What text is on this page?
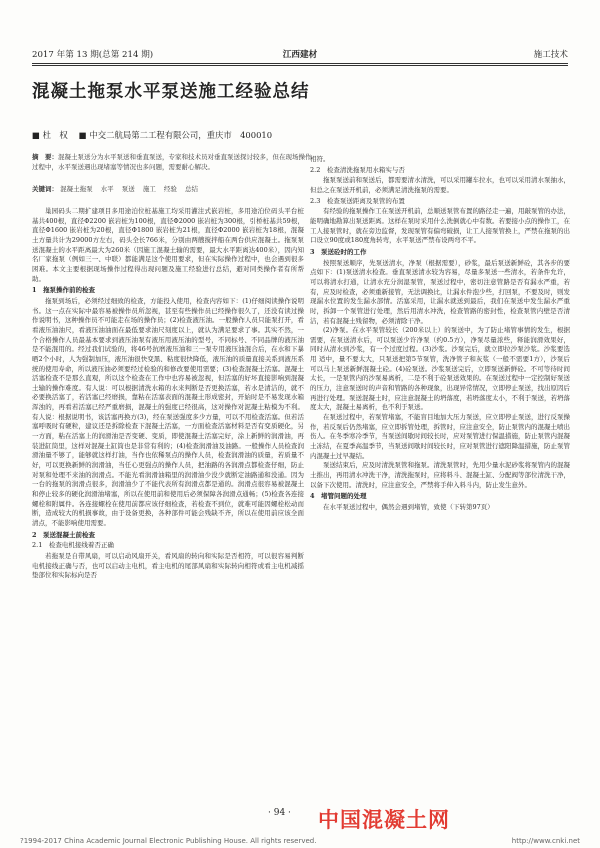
2017 年第 13 期(总第 214 期)	江西建材	施工技术
混凝土拖泵水平泵送施工经验总结
■ 杜　权 　■ 中交二航局第二工程有限公司，重庆市　400010
摘　要：混凝土泵送分为水平泵送和垂直泵送，专家和技术员对垂直泵送探讨较多，但在现场操作过程中，水平泵送遇出现堵塞等情况也多问题，需要耐心解决。
关键词： 混凝土拖泵 水平 泵送 施工 经验 总结

巢园码头二期扩建项目多用途泊位桩基施工均采用灌注式嵌岩桩，多用途泊位码头平台桩基共400根，直径Φ2200 嵌岩桩为100根，直径Φ2000 嵌岩桩为300根，引桥桩基共59根，直径Φ1600 嵌岩桩为20根，直径Φ1800 嵌岩桩为21根，直径Φ2000 嵌岩桩为18根，混凝土方量共计为29000方左右，码头全长766米，分别由两艘搅拌船在两台供应混凝土。拖泵泵送混凝土的水平距离最大为260米（因施工混凝土输的需要，最大水平距离达400米），因内知名厂家拖泵（例如三一、中联）都能满足这个使用要求，但在实际操作过程中，也会遇到很多困难。本文主要根据现场操作过程得出现问题及施工经验进行总结，避对同类操作者有所帮助。

1　拖泵操作前的检查

拖泵到场后，必须经过细致的检查，方能投入使用，检查内容如下：(1)仔细阅读操作说明书。这一点在实际中最容易被操作员所忽视，甚至有些操作员已经操作很久了，还没有读过操作说明书，这种操作员不可能走在场的操作员；(2)检查液压油。一般操作人员只能泵打开，看看液压油油尺，看液压油油面在最低要求油尺刻度以上，就认为满足要求了事。其实不然，一个合格操作人员最基本要求到液压油泵有液压用液压油的型号，不同标号、不同品牌的液压油是不能混用的。经过我们试验的，将46号抗磨液压油和三一泵专用液压油混合后，在水和下暴晒2个小时，人为强制加压，液压油很快变黑、粘度很快降低，液压油的质量直接关系到液压系统的使用寿命，所以液压油必须要经过检验的和修改要使用需要；(3)检查混凝土活塞。混凝土活塞检查不是那么直观，所以这个检查在工作中也容易被忽视，但活塞的好坏直接影响到混凝土输的操作难度。有人说：可以根据清洗水箱的水来判断是否更换活塞，若水是清洁的，就不必要换活塞了，若活塞已经磨损，靠粘在活塞表面的混凝土形成密封，开始时是不易发现水箱浑浊的，再看若活塞已经严重磨损，混凝土的强度已经很高，这对操作对泥凝土粘模为不利。有人说：根据说明书，该活塞再换方(3)，经在泵送强度多少方量，可以不用检查活塞。但若活塞呼吸时有硬粒，建议还是拆除检查下混凝土活塞，一方面检查活塞材料是否有变质硬化，另一方面，粘在活塞上的润滑油是否变硬、变质，即使混凝土活塞完好，涂上新鲜的润滑油，再装进缸筒里，这样对混凝土缸筒也是非常有利的；(4)检查润滑油及油路。一般操作人员检查润滑油量不够了，能够就这样打油，当作也依稀泵点的操作人员，检查润滑油的质量，若质量不好，可以更换新鲜的润滑油，当任心更强点的操作人员，把油路的各润滑点都检查仔细，防止对泵和处理不来油的润滑点。不能光看润滑油箱里的润滑油少没少就断定油路通和没通。因为一台的拖泵的润滑点很多，润滑油少了不能代表所有润滑点都是通的。润滑点很容易被混凝土和停止较多的硬化润滑油堵塞，所以在使用前和使用后必须保障各润滑点通畅；(5)检查各连接螺栓和附属件。各连接螺栓在使用前都应该仔细检查，若检查不到位，就难可能因螺栓松动而断，造成较大的机损事故，由于设备更换，各种部件可能会残缺不齐，所以在使用前应该全面清点，不能影响使用需要。

2　泵送混凝土前检查
2.1　检查电机接线着否正确

若拖泵是自带风扇，可以启动风扇开关，看风扇的转向和实际是否相符，可以很容易判断电机接线正确与否，也可以启动主电机，看主电机的尾部风扇和实际转向相符或看主电机减摇垫部位和实际标向是否

相符。

2.2　检查清洗拖泵用水箱实与否

拖泵泵送前和泵送后，都需要清水清洗，可以采用罐车拉水，也可以采用清水泵抽水，但总之在泵送开机前，必须满足清洗拖泵的需要。

2.3　检查泵送距离及泵管的布置

有经验的拖泵操作工在泵送开机前，总顺送泵管布置的路径走一遍，用敲泵管的办法，能明确地勘算出泵送距离。这样在泵时采用什么洗倒就心中有数。若要接小点的操作工，在工人接泵管时，就在旁边监督，发现泵管有偏弯破损，让工人接泵管换上，严禁在拖泵的出口设立90度或180度角转弯，水平泵送严禁布设两弯不平。

3　泵送砼时的工作

按照泵送顺序，先泵送清水，净泵（根据需要），砂浆，最后泵送新鲜砼，其各步的要点如下：(1)泵送清水检查。垂直泵送清水较为容易，尽量多泵送一些清水，若条件允许，可以将清水打通，让清水充分润湿泵管，泵送过程中，密切注意管路是否有漏水严重，若有，应及时检查，必须重新接管，无法调换比，让漏水件泡少些，打回泵，不要及时，则发现漏水位置的发生漏水部情。活塞采用，让漏水就送到最后，我们在泵送中发生漏水严重时，拆卸一个泵管进行处理，然后用清水冲洗，检查管路的密封性，检查泵管内壁是否清洁，若有混凝土残留物，必须清除干净。

(2)净泵。在水平泵管较长（200米以上）的泵送中，为了防止堵管事情的发生，根据需要，在泵送清水后，可以泵送少许净泵（约0.5方），净泵尽量浓些，释能润滑效果好，同时从清水到沙浆，有一个过度过程。(3)沙浆。沙泵完后，就立即拉沙泵沙浆。沙浆要选用 适中，量不要太大，只泵送把第5节泵管，洗净管子和灰浆（一般不需要1方），沙泵后可以马上泵送新鲜混凝土砼。(4)砼泵送。沙浆泵送完后，立即泵送新鲜砼。不可等待时间太长，一是泵管内的沙泵易离析，二是不利于砼泵送效果的。在泵送过程中一定控制好泵送的压力，注意泵送时的声音和管路的各种现象，出现异常情况，立即停止泵送，找出原因后再进行处理。泵送混凝土时，应注意混凝土的坍落度，若坍落度太小，不利于泵送，若坍落度太大，混凝土易离析，也不利于泵送。

在泵送过程中，若泵管堵塞，不能盲目地加大压力泵送，应立即停止泵送，进行反泵操作，若反泵后仍然堵塞，应立即拆管处理，拆管时，应注意安全，防止泵管内的混凝土喷出伤人。在冬季寒冷季节，当泵送间歇时间较长时，应对泵管进行保温措施，防止泵管内混凝土冻结，在夏季高温季节，当泵送间歇时间较长时，应对泵管进行遮阳降温措施，防止泵管内混凝土过早凝结。

泵送结束后，应及时清洗泵管和拖泵。清洗泵管时，先用少量水泥砂浆将泵管内的混凝土推出，再用清水冲洗干净，清洗拖泵时，应将料斗、混凝土缸、分配阀等部位清洗干净，以备下次使用。清洗时，应注意安全，严禁将手伸入料斗内，防止发生意外。

4　堵管问题的处理

在水平泵送过程中，偶然会遇到堵管，致使（下转第97页）

· 94 · 中国混凝土网
?1994-2017 China Academic Journal Electronic Publishing House. All rights reserved.	http://www.cnki.net
